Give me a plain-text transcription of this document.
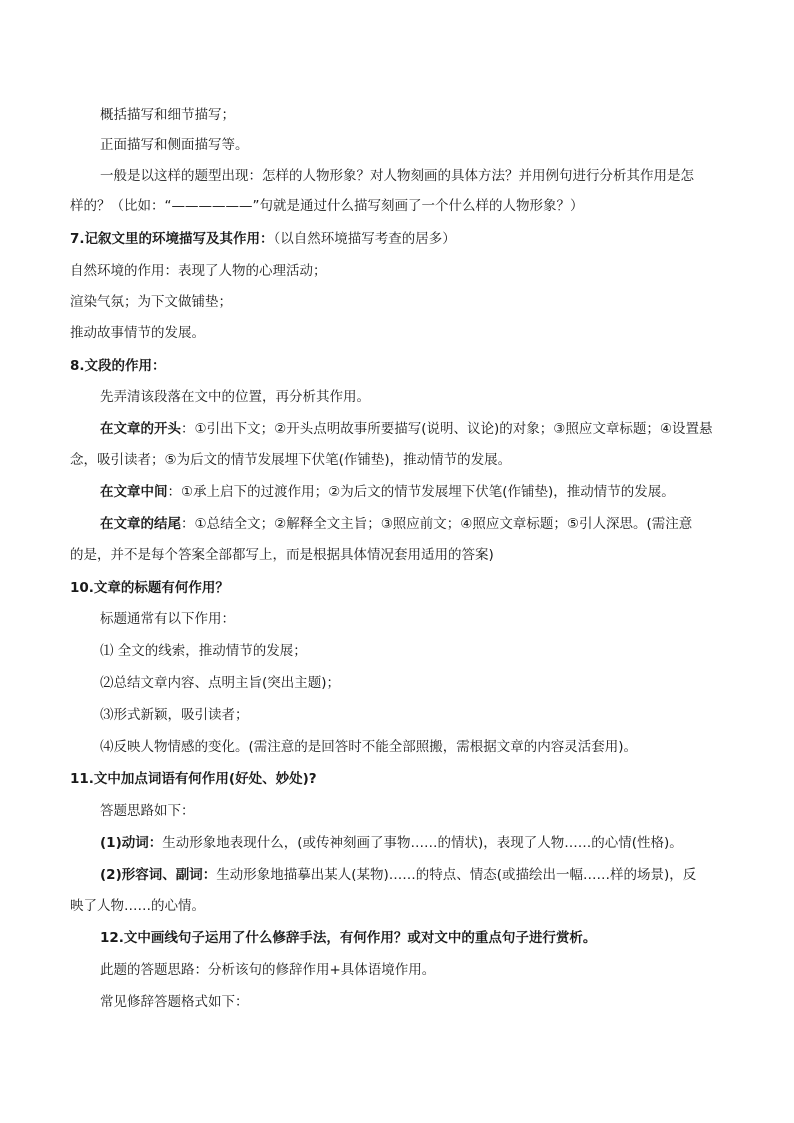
概括描写和细节描写；
正面描写和侧面描写等。
一般是以这样的题型出现：怎样的人物形象？对人物刻画的具体方法？并用例句进行分析其作用是怎
样的？（比如：“——————”句就是通过什么描写刻画了一个什么样的人物形象？）
7.记叙文里的环境描写及其作用：（以自然环境描写考查的居多）
自然环境的作用：表现了人物的心理活动；
渲染气氛；为下文做铺垫；
推动故事情节的发展。
8.文段的作用：
先弄清该段落在文中的位置，再分析其作用。
在文章的开头：①引出下文；②开头点明故事所要描写(说明、议论)的对象；③照应文章标题；④设置悬
念，吸引读者；⑤为后文的情节发展埋下伏笔(作铺垫)，推动情节的发展。
在文章中间：①承上启下的过渡作用；②为后文的情节发展埋下伏笔(作铺垫)，推动情节的发展。
在文章的结尾：①总结全文；②解释全文主旨；③照应前文；④照应文章标题；⑤引人深思。(需注意
的是，并不是每个答案全部都写上，而是根据具体情况套用适用的答案)
10.文章的标题有何作用？
标题通常有以下作用：
⑴ 全文的线索，推动情节的发展；
⑵总结文章内容、点明主旨(突出主题)；
⑶形式新颖，吸引读者；
⑷反映人物情感的变化。(需注意的是回答时不能全部照搬，需根据文章的内容灵活套用)。
11.文中加点词语有何作用(好处、妙处)?
答题思路如下：
(1)动词：生动形象地表现什么，(或传神刻画了事物……的情状)，表现了人物……的心情(性格)。
(2)形容词、副词：生动形象地描摹出某人(某物)……的特点、情态(或描绘出一幅……样的场景)，反
映了人物……的心情。
12.文中画线句子运用了什么修辞手法，有何作用？或对文中的重点句子进行赏析。
此题的答题思路：分析该句的修辞作用+具体语境作用。
常见修辞答题格式如下：
